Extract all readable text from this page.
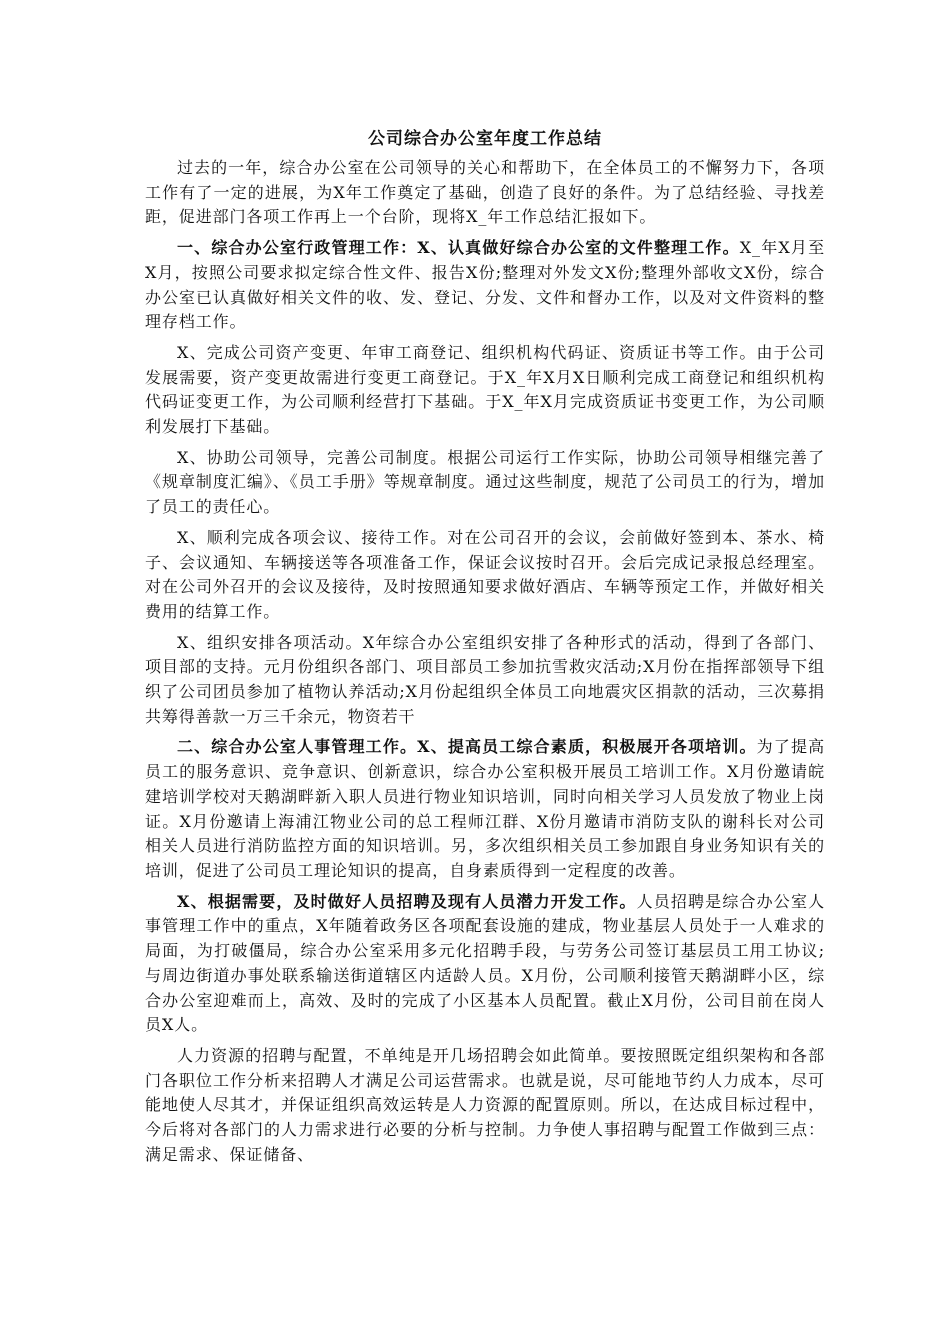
公司综合办公室年度工作总结

过去的一年，综合办公室在公司领导的关心和帮助下，在全体员工的不懈努力下，各项工作有了一定的进展，为X年工作奠定了基础，创造了良好的条件。为了总结经验、寻找差距，促进部门各项工作再上一个台阶，现将X_年工作总结汇报如下。

一、综合办公室行政管理工作：X、认真做好综合办公室的文件整理工作。X_年X月至X月，按照公司要求拟定综合性文件、报告X份;整理对外发文X份;整理外部收文X份，综合办公室已认真做好相关文件的收、发、登记、分发、文件和督办工作，以及对文件资料的整理存档工作。

X、完成公司资产变更、年审工商登记、组织机构代码证、资质证书等工作。由于公司发展需要，资产变更故需进行变更工商登记。于X_年X月X日顺利完成工商登记和组织机构代码证变更工作，为公司顺利经营打下基础。于X_年X月完成资质证书变更工作，为公司顺利发展打下基础。

X、协助公司领导，完善公司制度。根据公司运行工作实际，协助公司领导相继完善了《规章制度汇编》、《员工手册》等规章制度。通过这些制度，规范了公司员工的行为，增加了员工的责任心。

X、顺利完成各项会议、接待工作。对在公司召开的会议，会前做好签到本、茶水、椅子、会议通知、车辆接送等各项准备工作，保证会议按时召开。会后完成记录报总经理室。对在公司外召开的会议及接待，及时按照通知要求做好酒店、车辆等预定工作，并做好相关费用的结算工作。

X、组织安排各项活动。X年综合办公室组织安排了各种形式的活动，得到了各部门、项目部的支持。元月份组织各部门、项目部员工参加抗雪救灾活动;X月份在指挥部领导下组织了公司团员参加了植物认养活动;X月份起组织全体员工向地震灾区捐款的活动，三次募捐共筹得善款一万三千余元，物资若干

二、综合办公室人事管理工作。X、提高员工综合素质，积极展开各项培训。为了提高员工的服务意识、竞争意识、创新意识，综合办公室积极开展员工培训工作。X月份邀请皖建培训学校对天鹅湖畔新入职人员进行物业知识培训，同时向相关学习人员发放了物业上岗证。X月份邀请上海浦江物业公司的总工程师江群、X份月邀请市消防支队的谢科长对公司相关人员进行消防监控方面的知识培训。另，多次组织相关员工参加跟自身业务知识有关的培训，促进了公司员工理论知识的提高，自身素质得到一定程度的改善。

X、根据需要，及时做好人员招聘及现有人员潜力开发工作。人员招聘是综合办公室人事管理工作中的重点，X年随着政务区各项配套设施的建成，物业基层人员处于一人难求的局面，为打破僵局，综合办公室采用多元化招聘手段，与劳务公司签订基层员工用工协议;与周边街道办事处联系输送街道辖区内适龄人员。X月份，公司顺利接管天鹅湖畔小区，综合办公室迎难而上，高效、及时的完成了小区基本人员配置。截止X月份，公司目前在岗人员X人。

人力资源的招聘与配置，不单纯是开几场招聘会如此简单。要按照既定组织架构和各部门各职位工作分析来招聘人才满足公司运营需求。也就是说，尽可能地节约人力成本，尽可能地使人尽其才，并保证组织高效运转是人力资源的配置原则。所以，在达成目标过程中，今后将对各部门的人力需求进行必要的分析与控制。力争使人事招聘与配置工作做到三点：满足需求、保证储备、
